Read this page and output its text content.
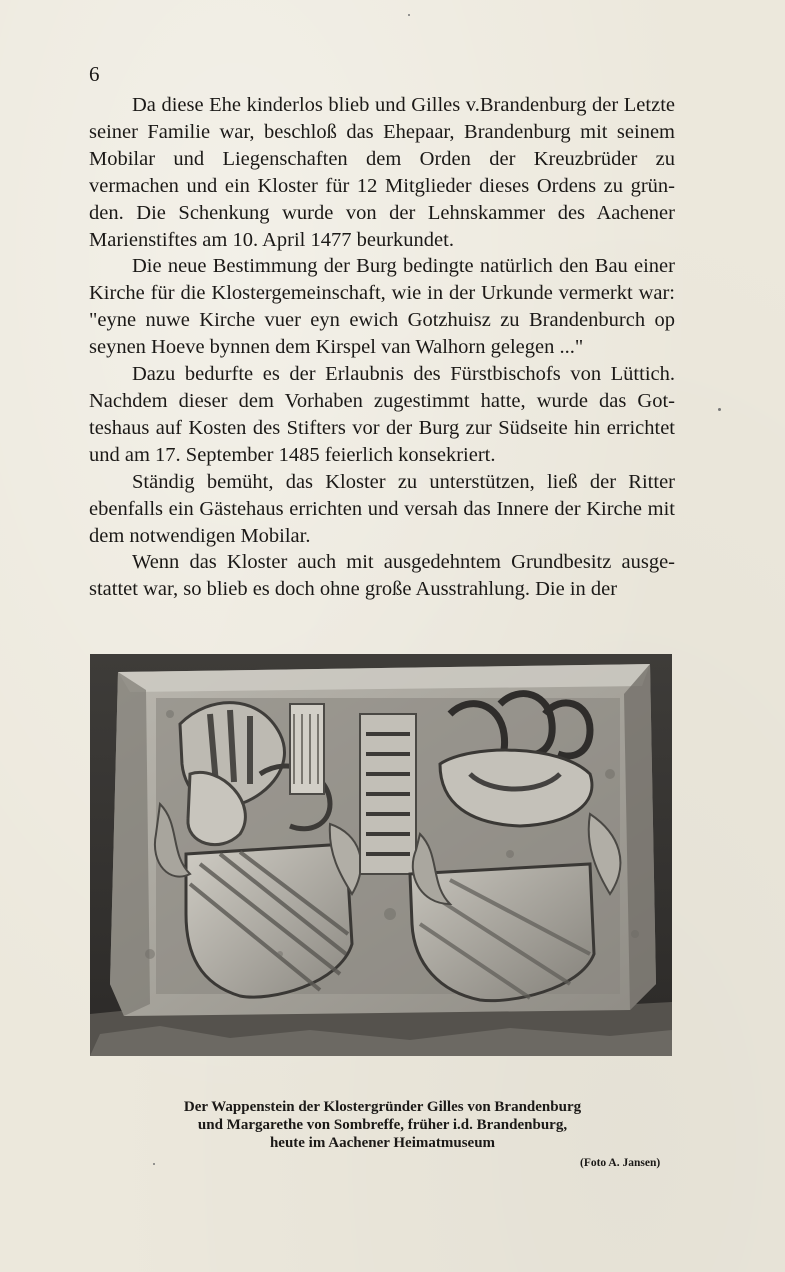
6

Da diese Ehe kinderlos blieb und Gilles v.Brandenburg der Letzte seiner Familie war, beschloß das Ehepaar, Brandenburg mit seinem Mobilar und Liegenschaften dem Orden der Kreuzbrüder zu vermachen und ein Kloster für 12 Mitglieder dieses Ordens zu gründen. Die Schenkung wurde von der Lehnskammer des Aachener Marienstiftes am 10. April 1477 beurkundet.

Die neue Bestimmung der Burg bedingte natürlich den Bau einer Kirche für die Klostergemeinschaft, wie in der Urkunde vermerkt war: "eyne nuwe Kirche vuer eyn ewich Gotzhuisz zu Brandenburch op seynen Hoeve bynnen dem Kirspel van Walhorn gelegen ..."

Dazu bedurfte es der Erlaubnis des Fürstbischofs von Lüttich. Nachdem dieser dem Vorhaben zugestimmt hatte, wurde das Gotteshaus auf Kosten des Stifters vor der Burg zur Südseite hin errichtet und am 17. September 1485 feierlich konsekriert.

Ständig bemüht, das Kloster zu unterstützen, ließ der Ritter ebenfalls ein Gästehaus errichten und versah das Innere der Kirche mit dem notwendigen Mobilar.

Wenn das Kloster auch mit ausgedehntem Grundbesitz ausgestattet war, so blieb es doch ohne große Ausstrahlung. Die in der

Der Wappenstein der Klostergründer Gilles von Brandenburg
und Margarethe von Sombreffe, früher i.d. Brandenburg,
heute im Aachener Heimatmuseum
(Foto A. Jansen)
